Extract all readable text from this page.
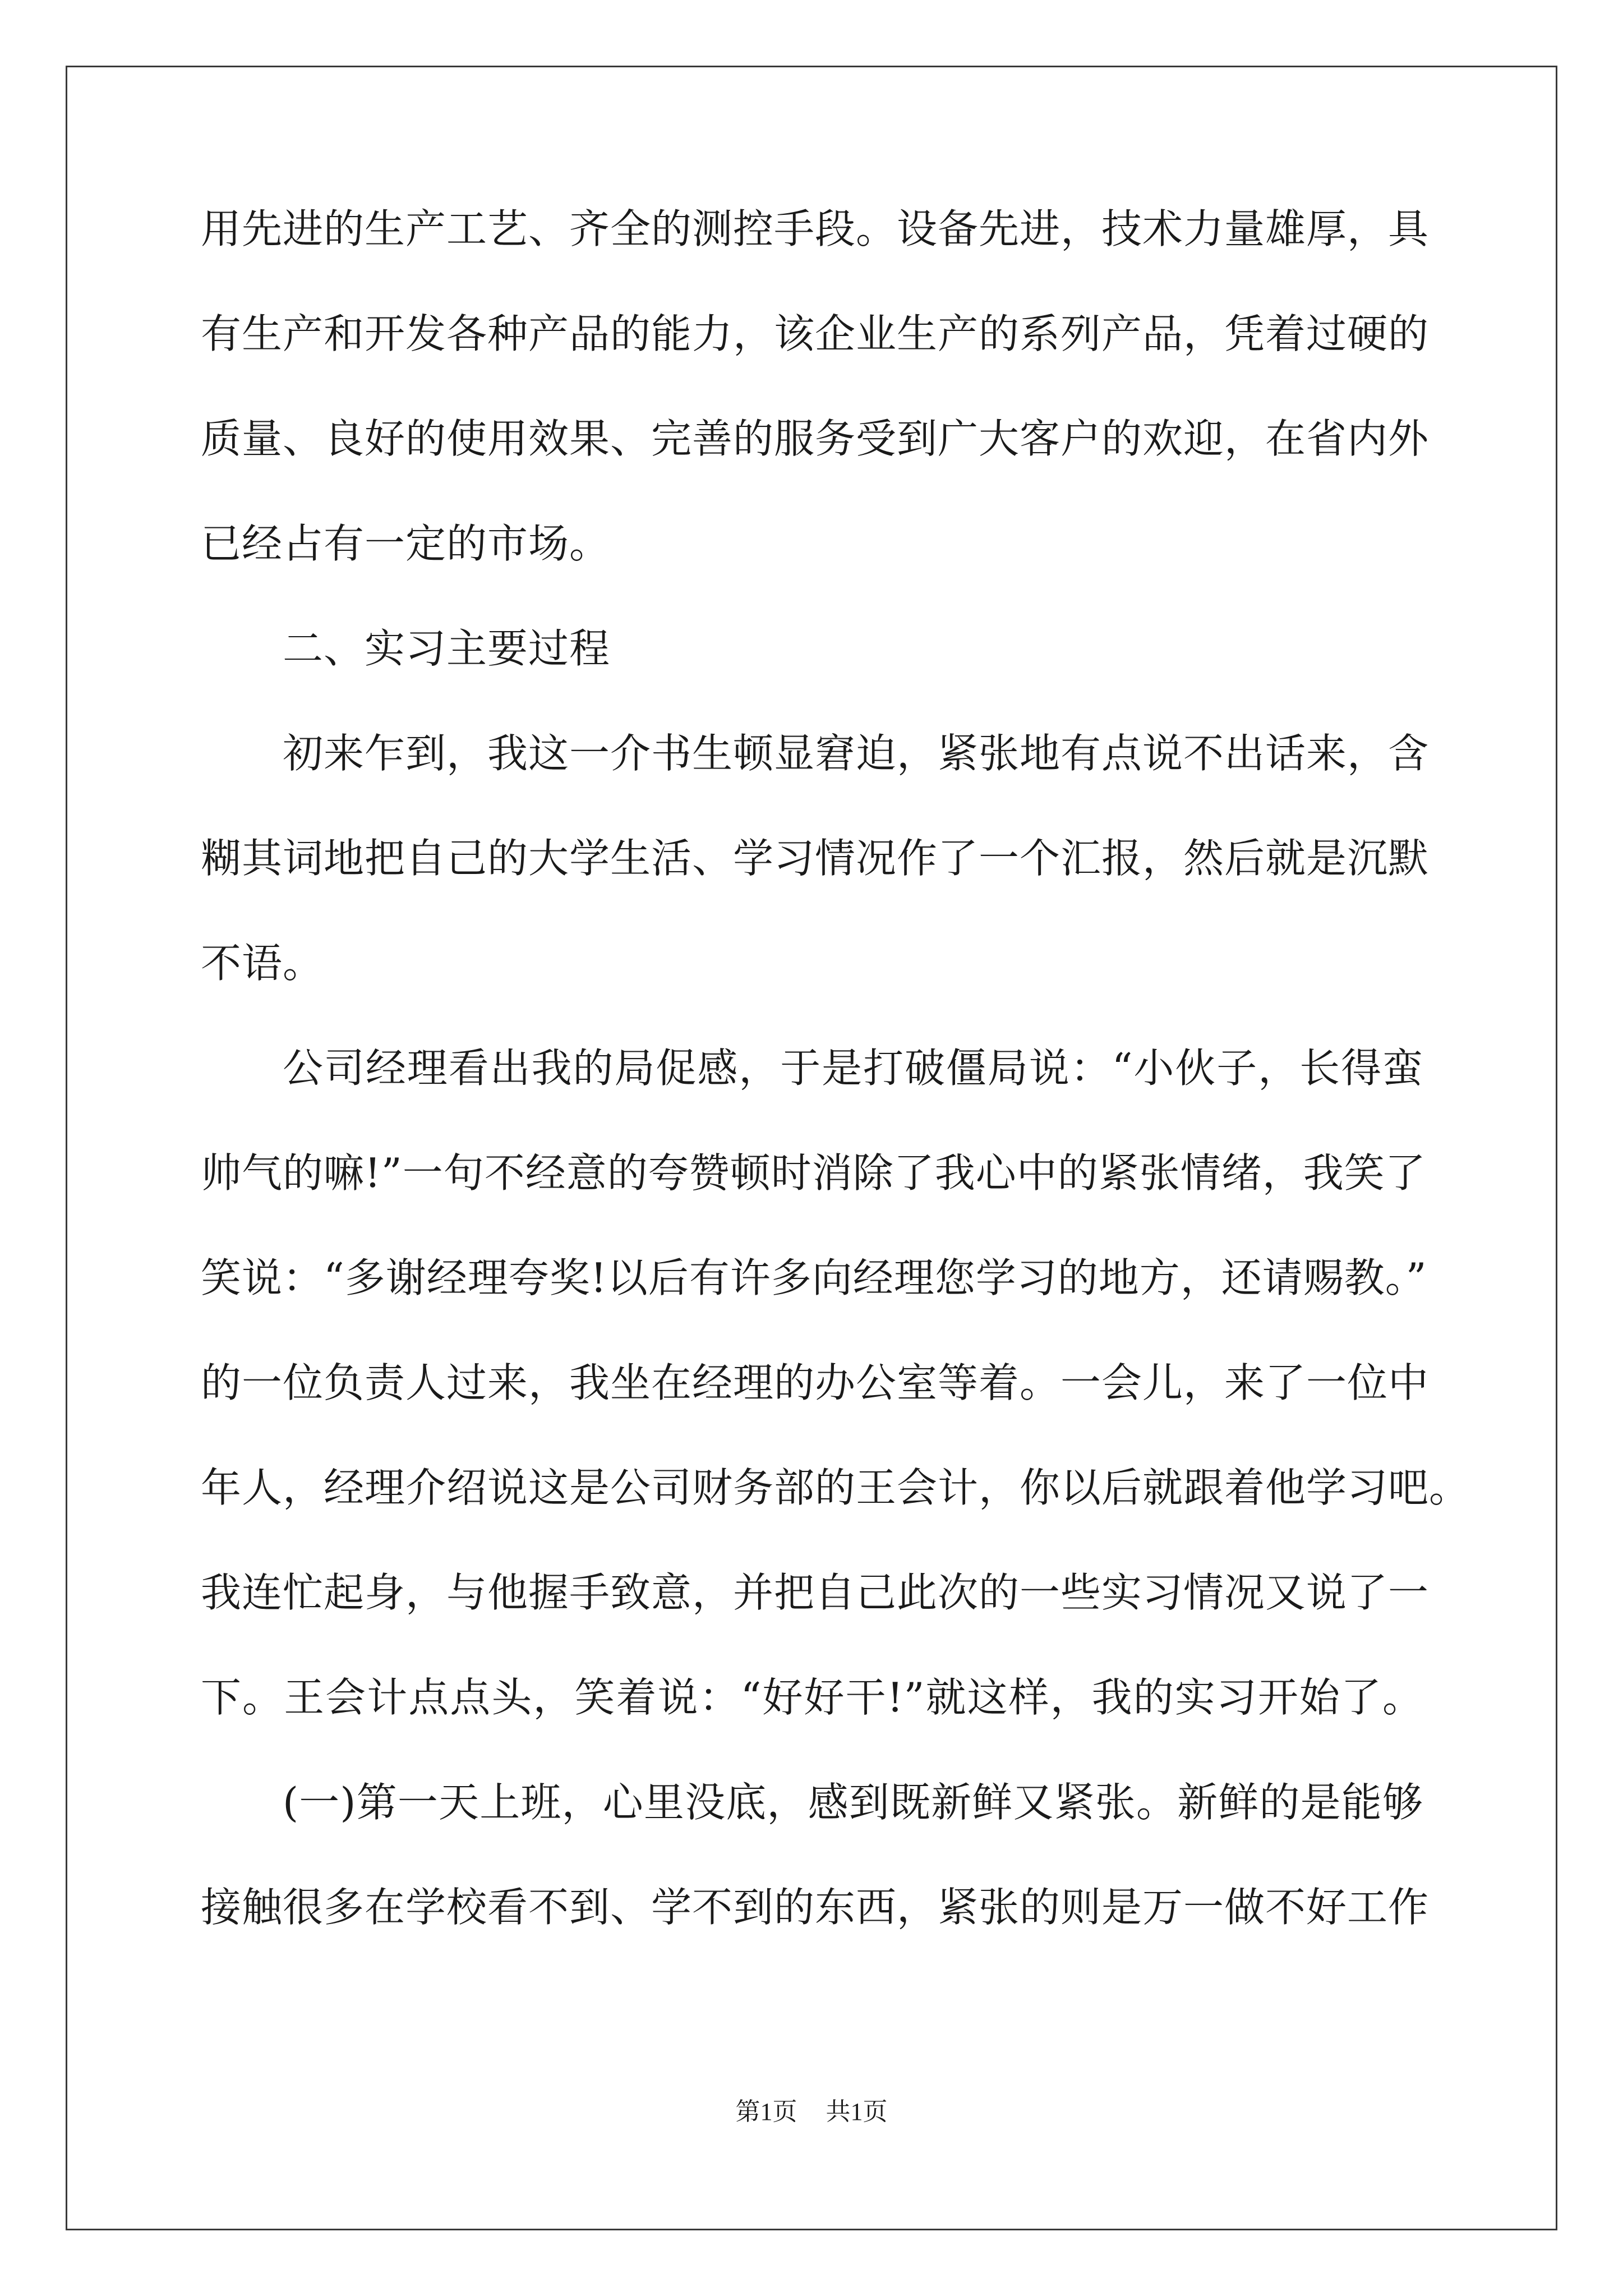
用先进的生产工艺、齐全的测控手段。设备先进，技术力量雄厚，具
有生产和开发各种产品的能力，该企业生产的系列产品，凭着过硬的
质量、良好的使用效果、完善的服务受到广大客户的欢迎，在省内外
已经占有一定的市场。
二、实习主要过程
初来乍到，我这一介书生顿显窘迫，紧张地有点说不出话来，含
糊其词地把自己的大学生活、学习情况作了一个汇报，然后就是沉默
不语。
公司经理看出我的局促感，于是打破僵局说：“小伙子，长得蛮
帅气的嘛!”一句不经意的夸赞顿时消除了我心中的紧张情绪，我笑了
笑说：“多谢经理夸奖!以后有许多向经理您学习的地方，还请赐教。”
的一位负责人过来，我坐在经理的办公室等着。一会儿，来了一位中
年人，经理介绍说这是公司财务部的王会计，你以后就跟着他学习吧。
我连忙起身，与他握手致意，并把自己此次的一些实习情况又说了一
下。王会计点点头，笑着说：“好好干!”就这样，我的实习开始了。
(一)第一天上班，心里没底，感到既新鲜又紧张。新鲜的是能够
接触很多在学校看不到、学不到的东西，紧张的则是万一做不好工作
第1页 共1页
